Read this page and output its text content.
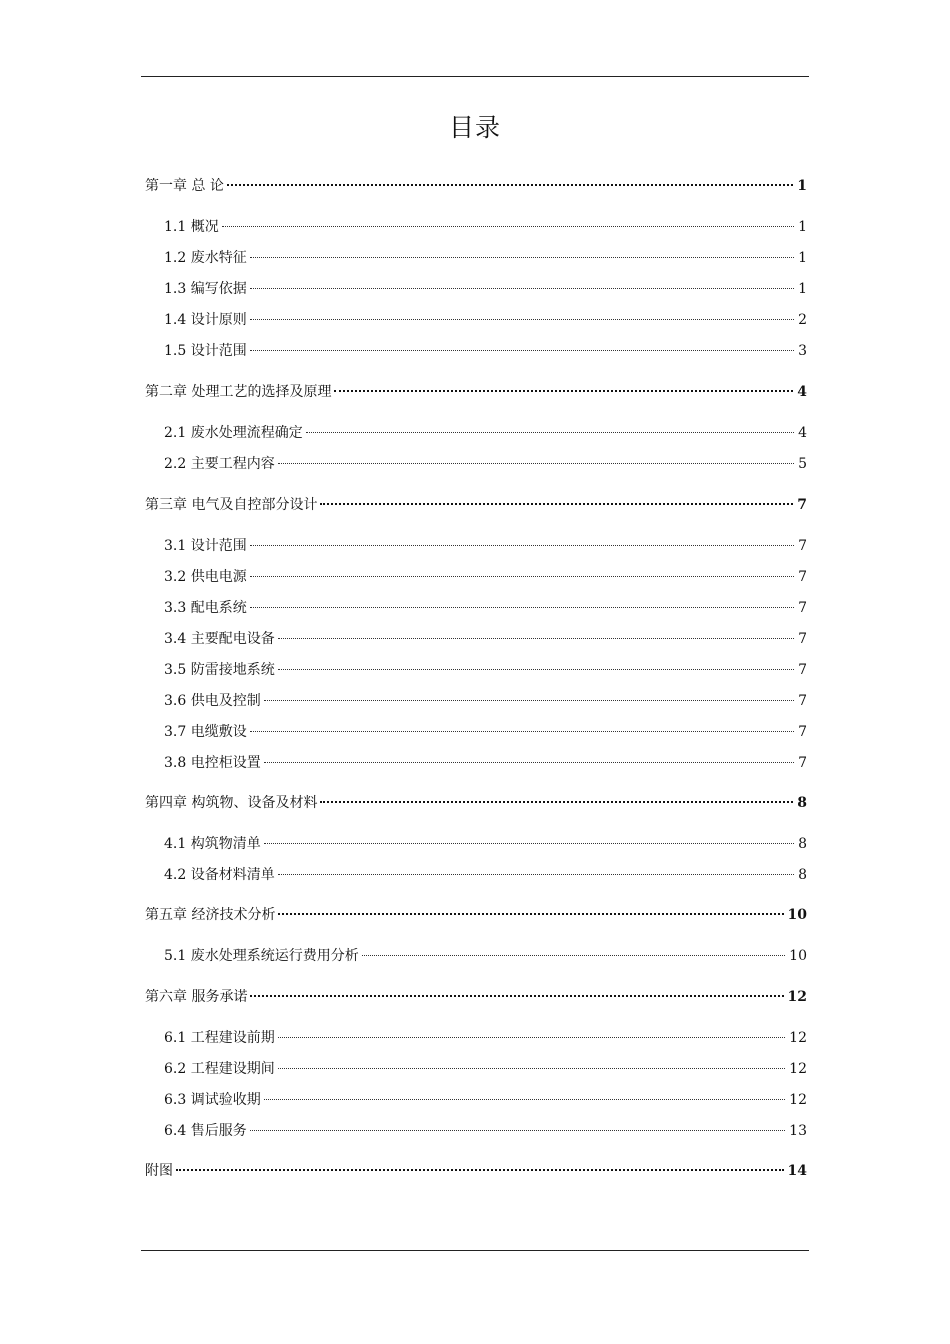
目录
第一章 总 论	1
1.1 概况	1
1.2 废水特征	1
1.3 编写依据	1
1.4 设计原则	2
1.5 设计范围	3
第二章 处理工艺的选择及原理	4
2.1 废水处理流程确定	4
2.2 主要工程内容	5
第三章 电气及自控部分设计	7
3.1 设计范围	7
3.2 供电电源	7
3.3 配电系统	7
3.4 主要配电设备	7
3.5 防雷接地系统	7
3.6 供电及控制	7
3.7 电缆敷设	7
3.8 电控柜设置	7
第四章 构筑物、设备及材料	8
4.1 构筑物清单	8
4.2 设备材料清单	8
第五章 经济技术分析	10
5.1 废水处理系统运行费用分析	10
第六章 服务承诺	12
6.1 工程建设前期	12
6.2 工程建设期间	12
6.3 调试验收期	12
6.4 售后服务	13
附图	14
